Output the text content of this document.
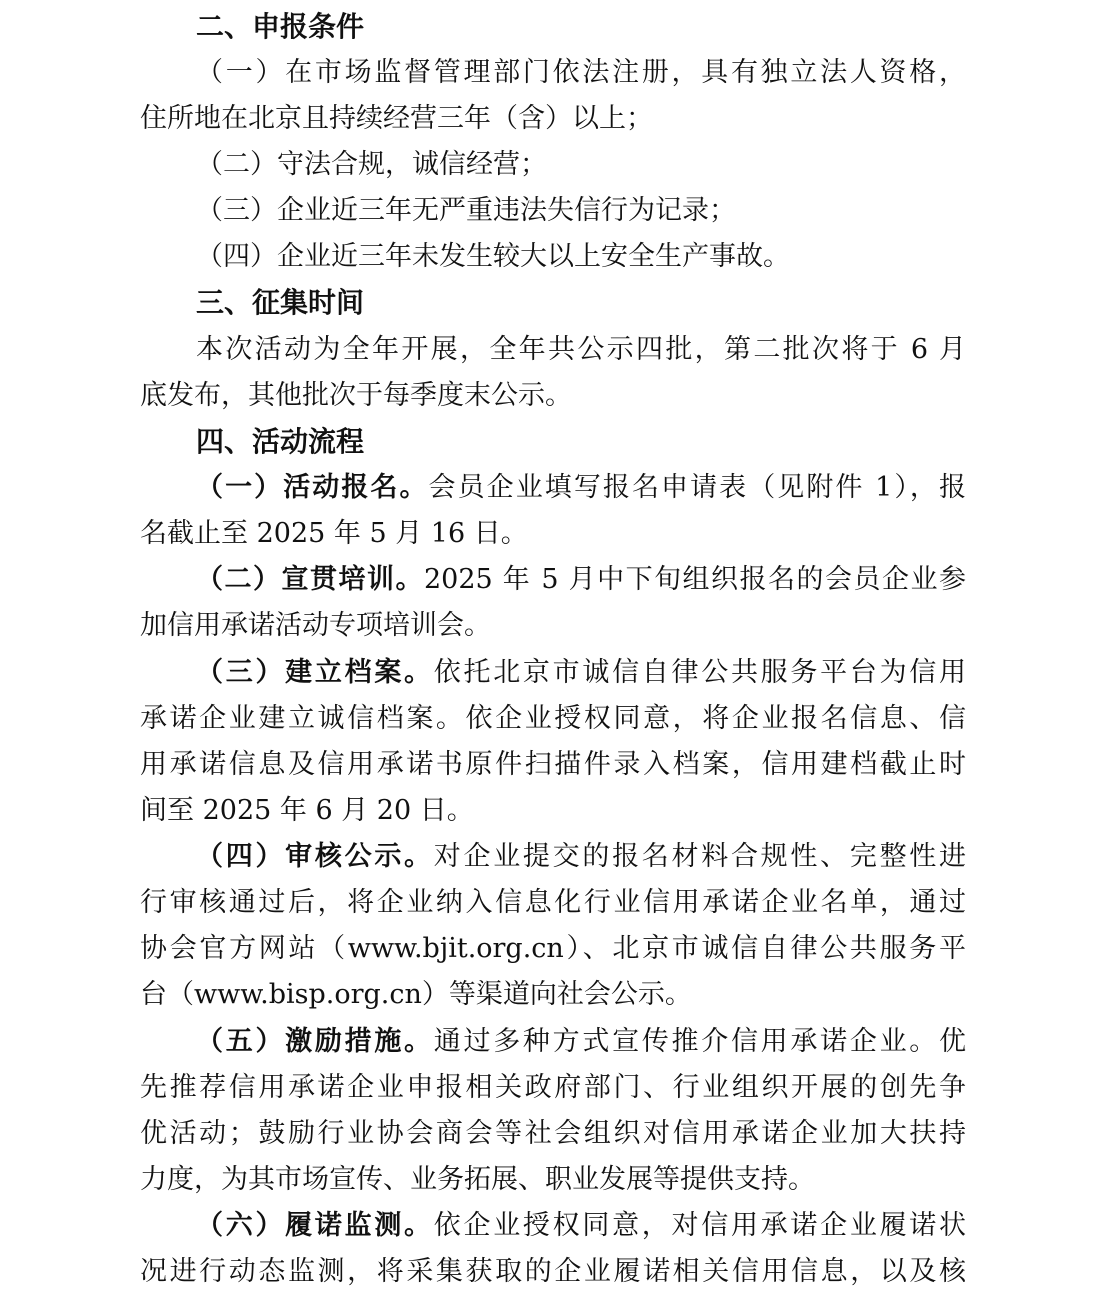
二、申报条件
（一）在市场监督管理部门依法注册，具有独立法人资格，
住所地在北京且持续经营三年（含）以上；
（二）守法合规，诚信经营；
（三）企业近三年无严重违法失信行为记录；
（四）企业近三年未发生较大以上安全生产事故。
三、征集时间
本次活动为全年开展，全年共公示四批，第二批次将于 6 月
底发布，其他批次于每季度末公示。
四、活动流程
（一）活动报名。会员企业填写报名申请表（见附件 1），报
名截止至 2025 年 5 月 16 日。
（二）宣贯培训。2025 年 5 月中下旬组织报名的会员企业参
加信用承诺活动专项培训会。
（三）建立档案。依托北京市诚信自律公共服务平台为信用
承诺企业建立诚信档案。依企业授权同意，将企业报名信息、信
用承诺信息及信用承诺书原件扫描件录入档案，信用建档截止时
间至 2025 年 6 月 20 日。
（四）审核公示。对企业提交的报名材料合规性、完整性进
行审核通过后，将企业纳入信息化行业信用承诺企业名单，通过
协会官方网站（www.bjit.org.cn）、北京市诚信自律公共服务平
台（www.bisp.org.cn）等渠道向社会公示。
（五）激励措施。通过多种方式宣传推介信用承诺企业。优
先推荐信用承诺企业申报相关政府部门、行业组织开展的创先争
优活动；鼓励行业协会商会等社会组织对信用承诺企业加大扶持
力度，为其市场宣传、业务拓展、职业发展等提供支持。
（六）履诺监测。依企业授权同意，对信用承诺企业履诺状
况进行动态监测，将采集获取的企业履诺相关信用信息，以及核
